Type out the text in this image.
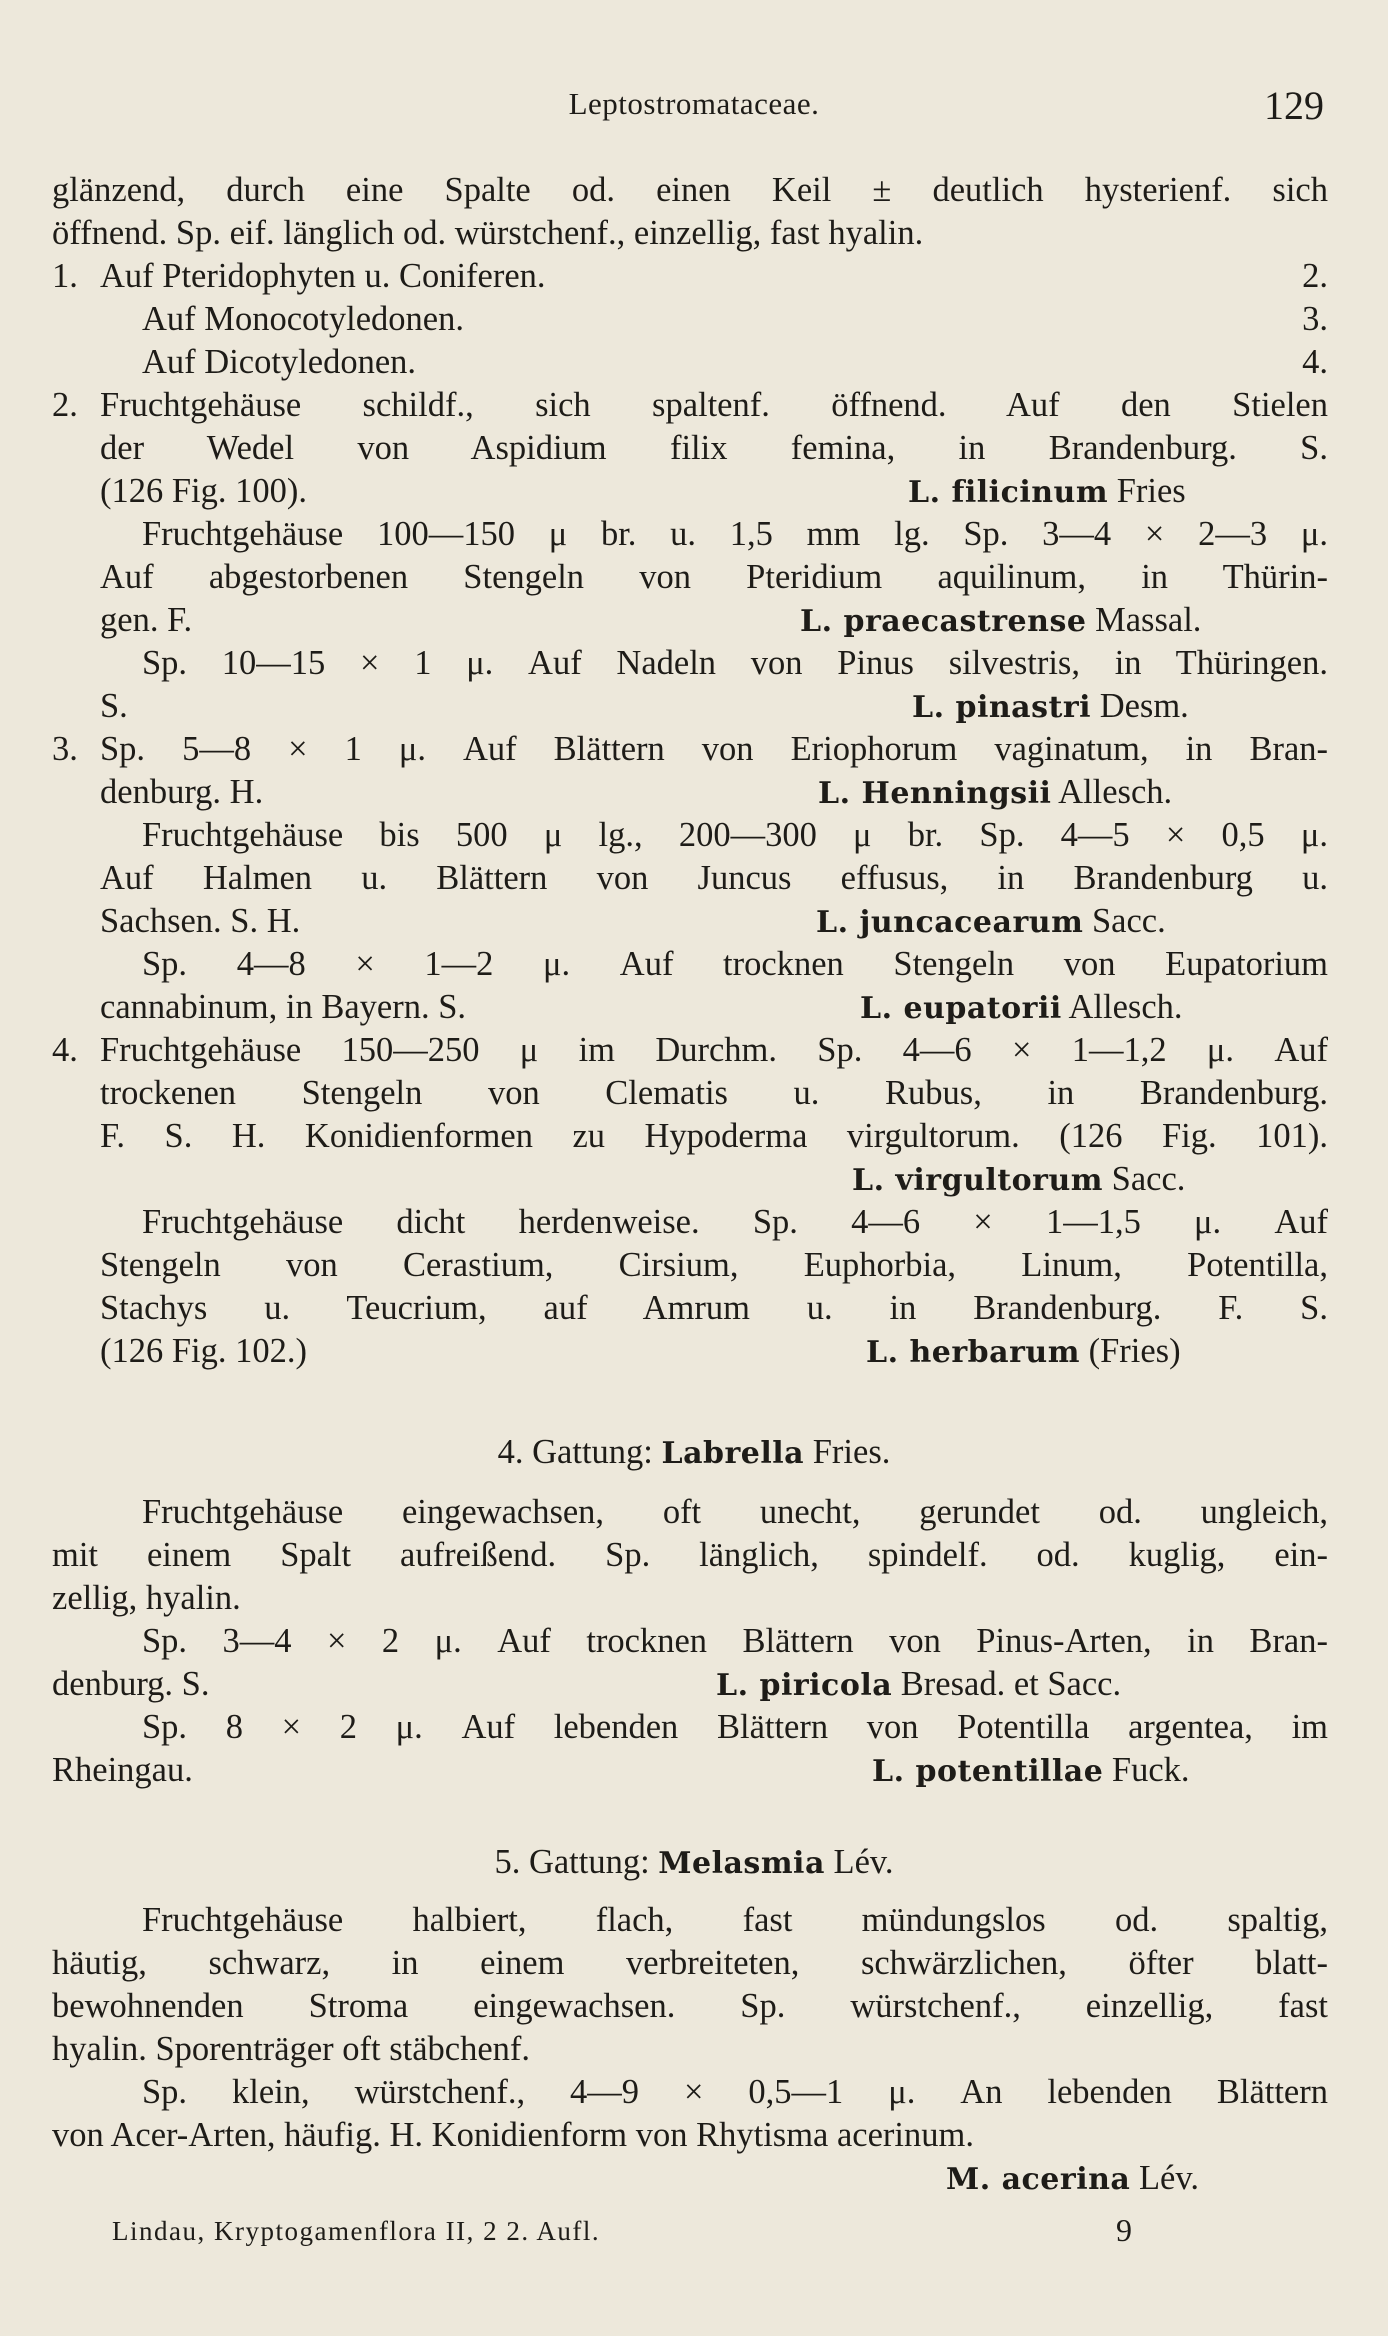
Leptostromataceae.	129
glänzend, durch eine Spalte od. einen Keil ± deutlich hysterienf. sich
öffnend. Sp. eif. länglich od. würstchenf., einzellig, fast hyalin.
1. Auf Pteridophyten u. Coniferen.	2.
Auf Monocotyledonen.	3.
Auf Dicotyledonen.	4.
2. Fruchtgehäuse schildf., sich spaltenf. öffnend. Auf den Stielen
der Wedel von Aspidium filix femina, in Brandenburg. S.
(126 Fig. 100).	L. filicinum Fries
Fruchtgehäuse 100—150 μ br. u. 1,5 mm lg. Sp. 3—4 × 2—3 μ.
Auf abgestorbenen Stengeln von Pteridium aquilinum, in Thürin-
gen. F.	L. praecastrense Massal.
Sp. 10—15 × 1 μ. Auf Nadeln von Pinus silvestris, in Thüringen.
S.	L. pinastri Desm.
3. Sp. 5—8 × 1 μ. Auf Blättern von Eriophorum vaginatum, in Bran-
denburg. H.	L. Henningsii Allesch.
Fruchtgehäuse bis 500 μ lg., 200—300 μ br. Sp. 4—5 × 0,5 μ.
Auf Halmen u. Blättern von Juncus effusus, in Brandenburg u.
Sachsen. S. H.	L. juncacearum Sacc.
Sp. 4—8 × 1—2 μ. Auf trocknen Stengeln von Eupatorium
cannabinum, in Bayern. S.	L. eupatorii Allesch.
4. Fruchtgehäuse 150—250 μ im Durchm. Sp. 4—6 × 1—1,2 μ. Auf
trockenen Stengeln von Clematis u. Rubus, in Brandenburg.
F. S. H. Konidienformen zu Hypoderma virgultorum. (126 Fig. 101).
L. virgultorum Sacc.
Fruchtgehäuse dicht herdenweise. Sp. 4—6 × 1—1,5 μ. Auf
Stengeln von Cerastium, Cirsium, Euphorbia, Linum, Potentilla,
Stachys u. Teucrium, auf Amrum u. in Brandenburg. F. S.
(126 Fig. 102.)	L. herbarum (Fries)
4. Gattung: Labrella Fries.
Fruchtgehäuse eingewachsen, oft unecht, gerundet od. ungleich,
mit einem Spalt aufreißend. Sp. länglich, spindelf. od. kuglig, ein-
zellig, hyalin.
Sp. 3—4 × 2 μ. Auf trocknen Blättern von Pinus-Arten, in Bran-
denburg. S.	L. piricola Bresad. et Sacc.
Sp. 8 × 2 μ. Auf lebenden Blättern von Potentilla argentea, im
Rheingau.	L. potentillae Fuck.
5. Gattung: Melasmia Lév.
Fruchtgehäuse halbiert, flach, fast mündungslos od. spaltig,
häutig, schwarz, in einem verbreiteten, schwärzlichen, öfter blatt-
bewohnenden Stroma eingewachsen. Sp. würstchenf., einzellig, fast
hyalin. Sporenträger oft stäbchenf.
Sp. klein, würstchenf., 4—9 × 0,5—1 μ. An lebenden Blättern
von Acer-Arten, häufig. H. Konidienform von Rhytisma acerinum.
M. acerina Lév.
Lindau, Kryptogamenflora II, 2 2. Aufl.	9
